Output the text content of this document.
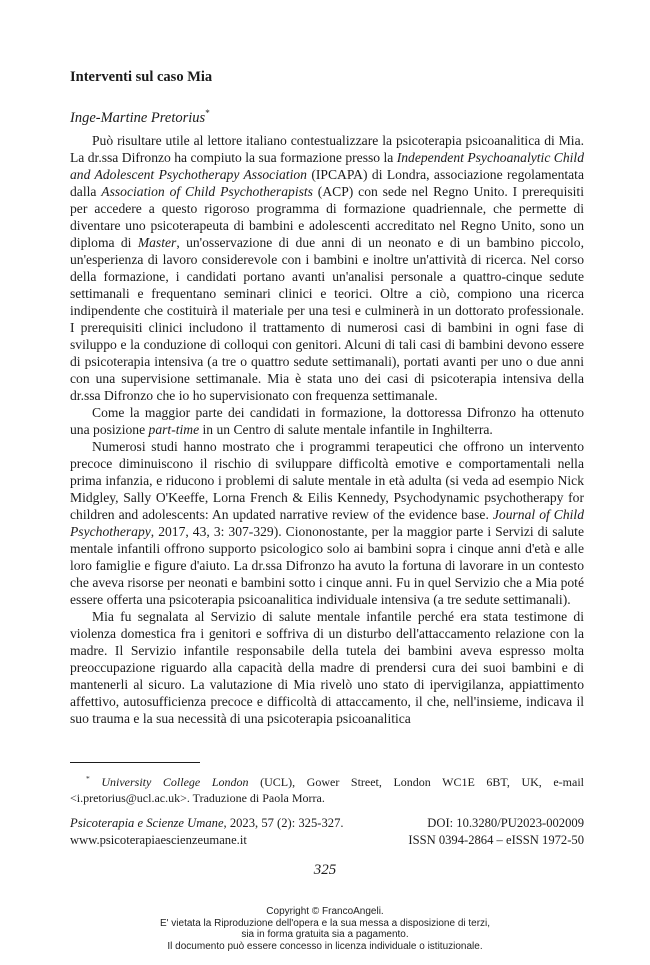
Interventi sul caso Mia
Inge-Martine Pretorius*

Può risultare utile al lettore italiano contestualizzare la psicoterapia psicoanalitica di Mia. La dr.ssa Difronzo ha compiuto la sua formazione presso la Independent Psychoanalytic Child and Adolescent Psychotherapy Association (IPCAPA) di Londra, associazione regolamentata dalla Association of Child Psychotherapists (ACP) con sede nel Regno Unito. I prerequisiti per accedere a questo rigoroso programma di formazione quadriennale, che permette di diventare uno psicoterapeuta di bambini e adolescenti accreditato nel Regno Unito, sono un diploma di Master, un'osservazione di due anni di un neonato e di un bambino piccolo, un'esperienza di lavoro considerevole con i bambini e inoltre un'attività di ricerca. Nel corso della formazione, i candidati portano avanti un'analisi personale a quattro-cinque sedute settimanali e frequentano seminari clinici e teorici. Oltre a ciò, compiono una ricerca indipendente che costituirà il materiale per una tesi e culminerà in un dottorato professionale. I prerequisiti clinici includono il trattamento di numerosi casi di bambini in ogni fase di sviluppo e la conduzione di colloqui con genitori. Alcuni di tali casi di bambini devono essere di psicoterapia intensiva (a tre o quattro sedute settimanali), portati avanti per uno o due anni con una supervisione settimanale. Mia è stata uno dei casi di psicoterapia intensiva della dr.ssa Difronzo che io ho supervisionato con frequenza settimanale.

Come la maggior parte dei candidati in formazione, la dottoressa Difronzo ha ottenuto una posizione part-time in un Centro di salute mentale infantile in Inghilterra.

Numerosi studi hanno mostrato che i programmi terapeutici che offrono un intervento precoce diminuiscono il rischio di sviluppare difficoltà emotive e comportamentali nella prima infanzia, e riducono i problemi di salute mentale in età adulta (si veda ad esempio Nick Midgley, Sally O'Keeffe, Lorna French & Eilis Kennedy, Psychodynamic psychotherapy for children and adolescents: An updated narrative review of the evidence base. Journal of Child Psychotherapy, 2017, 43, 3: 307-329). Ciononostante, per la maggior parte i Servizi di salute mentale infantili offrono supporto psicologico solo ai bambini sopra i cinque anni d'età e alle loro famiglie e figure d'aiuto. La dr.ssa Difronzo ha avuto la fortuna di lavorare in un contesto che aveva risorse per neonati e bambini sotto i cinque anni. Fu in quel Servizio che a Mia poté essere offerta una psicoterapia psicoanalitica individuale intensiva (a tre sedute settimanali).

Mia fu segnalata al Servizio di salute mentale infantile perché era stata testimone di violenza domestica fra i genitori e soffriva di un disturbo dell'attaccamento relazione con la madre. Il Servizio infantile responsabile della tutela dei bambini aveva espresso molta preoccupazione riguardo alla capacità della madre di prendersi cura dei suoi bambini e di mantenerli al sicuro. La valutazione di Mia rivelò uno stato di ipervigilanza, appiattimento affettivo, autosufficienza precoce e difficoltà di attaccamento, il che, nell'insieme, indicava il suo trauma e la sua necessità di una psicoterapia psicoanalitica

* University College London (UCL), Gower Street, London WC1E 6BT, UK, e-mail <i.pretorius@ucl.ac.uk>. Traduzione di Paola Morra.
Psicoterapia e Scienze Umane, 2023, 57 (2): 325-327.	DOI: 10.3280/PU2023-002009
www.psicoterapiaescienzeumane.it	ISSN 0394-2864 – eISSN 1972-50
325
Copyright © FrancoAngeli.
E' vietata la Riproduzione dell'opera e la sua messa a disposizione di terzi,
sia in forma gratuita sia a pagamento.
Il documento può essere concesso in licenza individuale o istituzionale.
